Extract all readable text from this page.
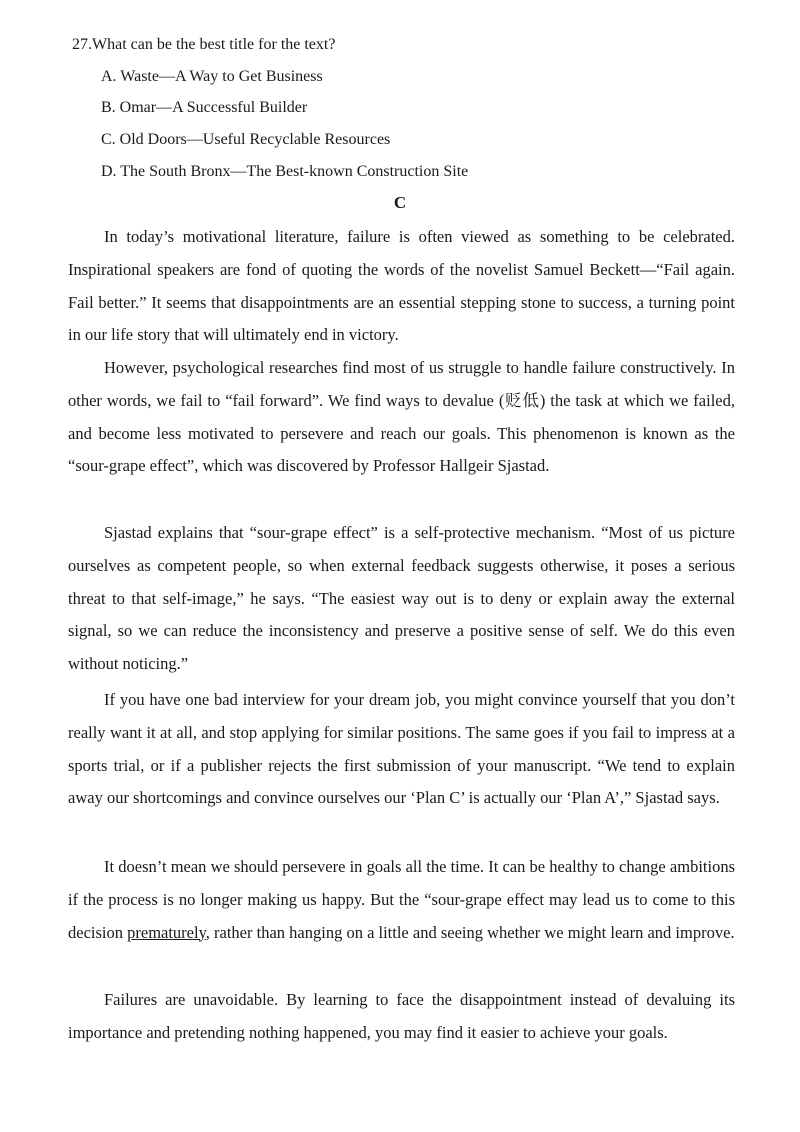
27.What can be the best title for the text?
A. Waste—A Way to Get Business
B. Omar—A Successful Builder
C. Old Doors—Useful Recyclable Resources
D. The South Bronx—The Best-known Construction Site
C

In today’s motivational literature, failure is often viewed as something to be celebrated. Inspirational speakers are fond of quoting the words of the novelist Samuel Beckett—“Fail again. Fail better.” It seems that disappointments are an essential stepping stone to success, a turning point in our life story that will ultimately end in victory.

However, psychological researches find most of us struggle to handle failure constructively. In other words, we fail to “fail forward”. We find ways to devalue (贬低) the task at which we failed, and become less motivated to persevere and reach our goals. This phenomenon is known as the “sour-grape effect”, which was discovered by Professor Hallgeir Sjastad.

Sjastad explains that “sour-grape effect” is a self-protective mechanism. “Most of us picture ourselves as competent people, so when external feedback suggests otherwise, it poses a serious threat to that self-image,” he says. “The easiest way out is to deny or explain away the external signal, so we can reduce the inconsistency and preserve a positive sense of self. We do this even without noticing.”

If you have one bad interview for your dream job, you might convince yourself that you don’t really want it at all, and stop applying for similar positions. The same goes if you fail to impress at a sports trial, or if a publisher rejects the first submission of your manuscript. “We tend to explain away our shortcomings and convince ourselves our ‘Plan C’ is actually our ‘Plan A’,” Sjastad says.

It doesn’t mean we should persevere in goals all the time. It can be healthy to change ambitions if the process is no longer making us happy. But the “sour-grape effect may lead us to come to this decision prematurely, rather than hanging on a little and seeing whether we might learn and improve.

Failures are unavoidable. By learning to face the disappointment instead of devaluing its importance and pretending nothing happened, you may find it easier to achieve your goals.
